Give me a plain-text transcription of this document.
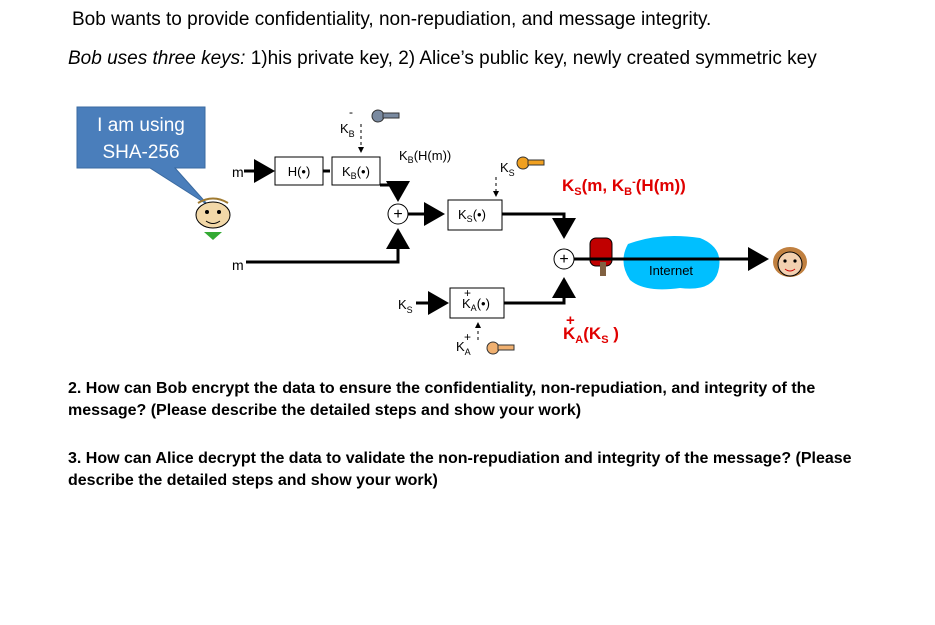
Bob wants to provide confidentiality, non-repudiation, and message integrity.
Bob uses three keys: 1)his private key, 2) Alice’s public key, newly created symmetric key
I am using
SHA-256
m	H(•) $K_B(•)$
$K_B$
-
$K_B(H(m))$
+	$K_S(•)$
$K_S$
m
$K_S$	$K_A(•)$
+
$K_A$
+
+
Internet
$K_S(m$, $K_B^-(H(m))$
$K_A(K_S$ )
+
2. How can Bob encrypt the data to ensure the confidentiality, non-repudiation, and integrity of the message? (Please describe the detailed steps and show your work)
3. How can Alice decrypt the data to validate the non-repudiation and integrity of the message? (Please describe the detailed steps and show your work)
